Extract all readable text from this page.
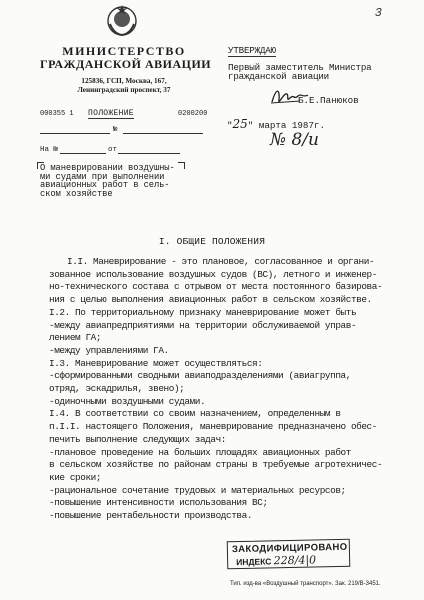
3
МИНИСТЕРСТВО
ГРАЖДАНСКОЙ АВИАЦИИ
125836, ГСП, Москва, 167,
Ленинградский проспект, 37
000355 1 ПОЛОЖЕНИЕ	0200200
№
На №	от
О маневрировании воздушны-
ми судами при выполнении
авиационных работ в сель-
ском хозяйстве
УТВЕРЖДАЮ
Первый заместитель Министра
гражданской авиации
Б.Е.Панюков
"25" марта 1987г.
№ 8/и
I. ОБЩИЕ ПОЛОЖЕНИЯ
I.I. Маневрирование - это плановое, согласованное и органи-
зованное использование воздушных судов (ВС), летного и инженер-
но-технического состава с отрывом от места постоянного базирова-
ния с целью выполнения авиационных работ в сельском хозяйстве.
I.2. По территориальному признаку маневрирование может быть
-между авиапредприятиями на территории обслуживаемой управ-
лением ГА;
-между управлениями ГА.
I.3. Маневрирование может осуществляться:
-сформированными сводными авиаподразделениями (авиагруппа,
отряд, эскадрилья, звено);
-одиночными воздушными судами.
I.4. В соответствии со своим назначением, определенным в
п.I.I. настоящего Положения, маневрирование предназначено обес-
печить выполнение следующих задач:
-плановое проведение на больших площадях авиационных работ
в сельском хозяйстве по районам страны в требуемые агротехничес-
кие сроки;
-рациональное сочетание трудовых и материальных ресурсов;
-повышение интенсивности использования ВС;
-повышение рентабельности производства.
ЗАКОДИФИЦИРОВАНО
ИНДЕКС 228/4|0
Тип. изд-ва «Воздушный транспорт». Зак. 219/В-3451.
